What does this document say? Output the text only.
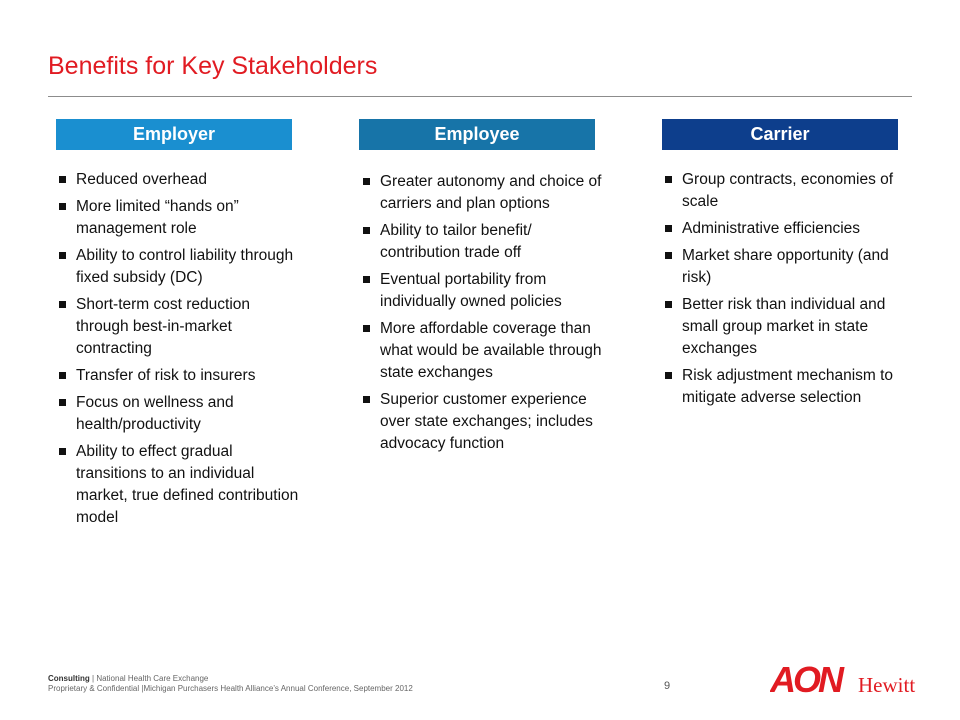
Benefits for Key Stakeholders
Employer	Employee	Carrier
Reduced overhead
More limited “hands on” management role
Ability to control liability through fixed subsidy (DC)
Short-term cost reduction through best-in-market contracting
Transfer of risk to insurers
Focus on wellness and health/productivity
Ability to effect gradual transitions to an individual market, true defined contribution model
Greater autonomy and choice of carriers and plan options
Ability to tailor benefit/ contribution trade off
Eventual portability from individually owned policies
More affordable coverage than what would be available through state exchanges
Superior customer experience over state exchanges; includes advocacy function
Group contracts, economies of scale
Administrative efficiencies
Market share opportunity (and risk)
Better risk than individual and small group market in state exchanges
Risk adjustment mechanism to mitigate adverse selection
Consulting | National Health Care Exchange
Proprietary & Confidential |Michigan Purchasers Health Alliance’s Annual Conference, September 2012	9	AON Hewitt
